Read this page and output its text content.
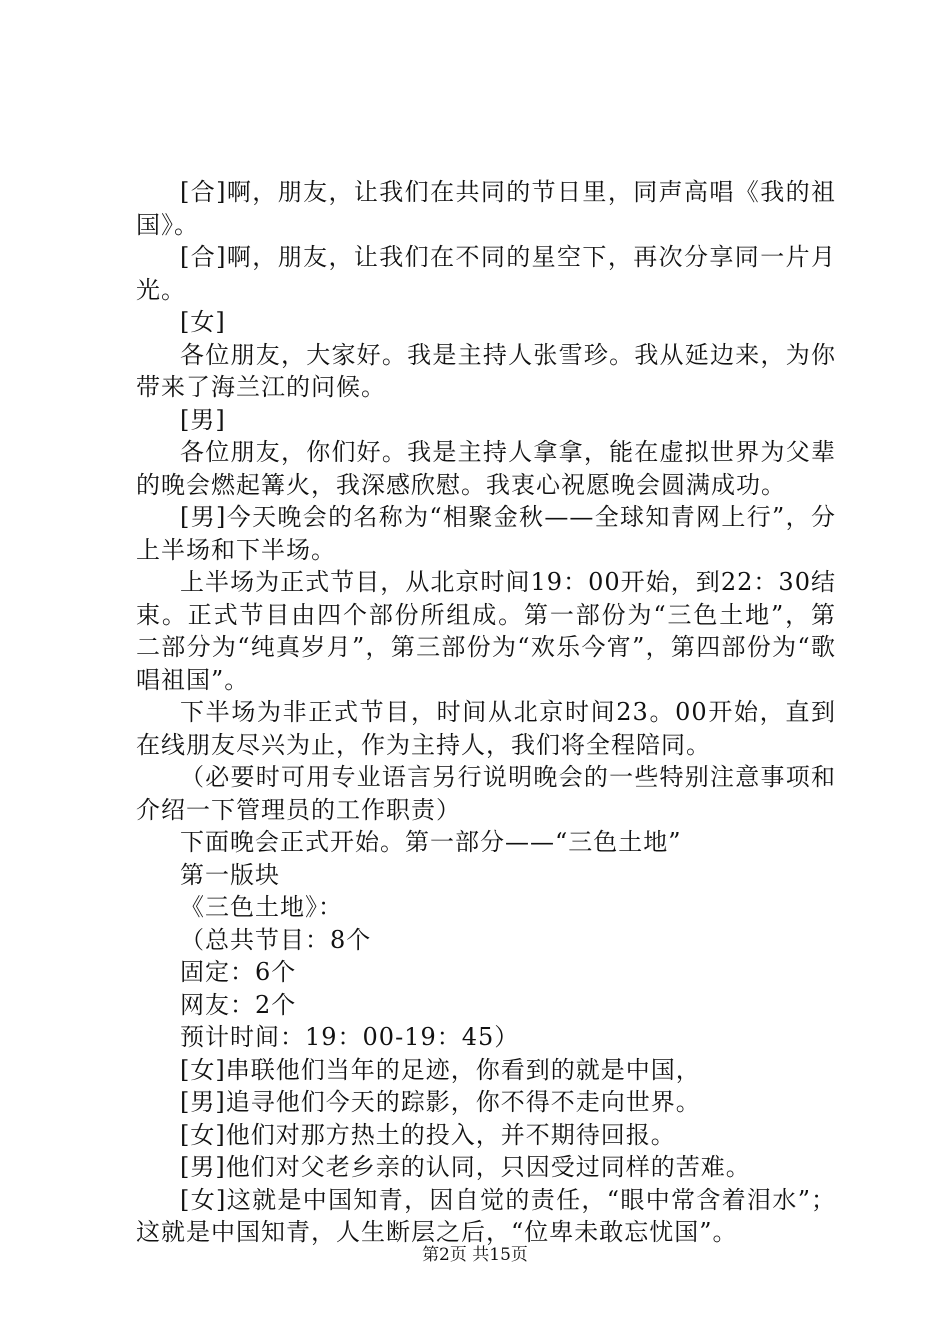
[合]啊，朋友，让我们在共同的节日里，同声高唱《我的祖国》。

[合]啊，朋友，让我们在不同的星空下，再次分享同一片月光。

[女]

各位朋友，大家好。我是主持人张雪珍。我从延边来，为你带来了海兰江的问候。

[男]

各位朋友，你们好。我是主持人拿拿，能在虚拟世界为父辈的晚会燃起篝火，我深感欣慰。我衷心祝愿晚会圆满成功。

[男]今天晚会的名称为“相聚金秋——全球知青网上行”，分上半场和下半场。

上半场为正式节目，从北京时间19：00开始，到22：30结束。正式节目由四个部份所组成。第一部份为“三色土地”，第二部分为“纯真岁月”，第三部份为“欢乐今宵”，第四部份为“歌唱祖国”。

下半场为非正式节目，时间从北京时间23。00开始，直到在线朋友尽兴为止，作为主持人，我们将全程陪同。

（必要时可用专业语言另行说明晚会的一些特别注意事项和介绍一下管理员的工作职责）

下面晚会正式开始。第一部分——“三色土地”

第一版块

《三色土地》：

（总共节目：8个

固定：6个

网友：2个

预计时间：19：00-19：45）

[女]串联他们当年的足迹，你看到的就是中国，

[男]追寻他们今天的踪影，你不得不走向世界。

[女]他们对那方热土的投入，并不期待回报。

[男]他们对父老乡亲的认同，只因受过同样的苦难。

[女]这就是中国知青，因自觉的责任，“眼中常含着泪水”；这就是中国知青，人生断层之后，“位卑未敢忘忧国”。

第2页 共15页
